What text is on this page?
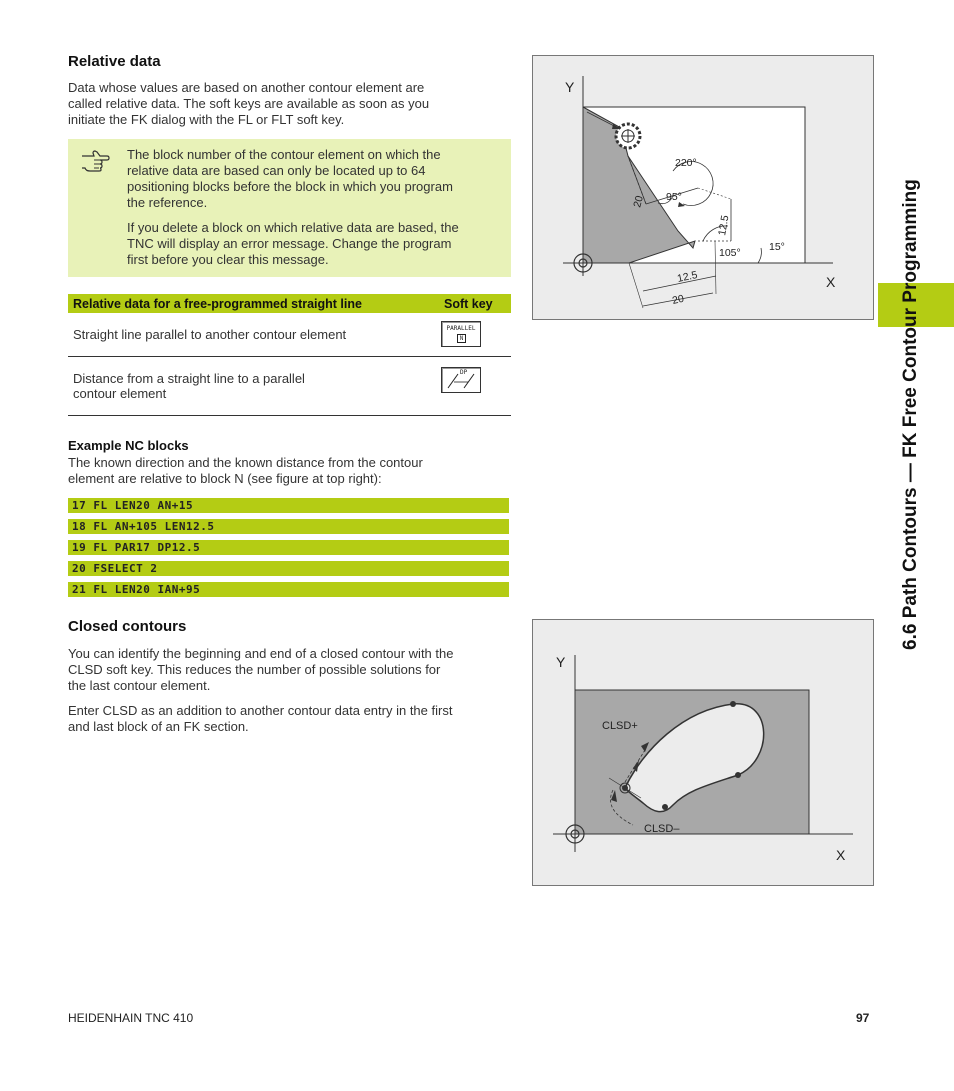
Relative data
Data whose values are based on another contour element are
called relative data. The soft keys are available as soon as you
initiate the FK dialog with the FL or FLT soft key.
The block number of the contour element on which the
relative data are based can only be located up to 64
positioning blocks before the block in which you program
the reference.
If you delete a block on which relative data are based, the
TNC will display an error message. Change the program
first before you clear this message.
Relative data for a free-programmed straight line	Soft key
Straight line parallel to another contour element	PARALLEL
N

Distance from a straight line to a parallel
contour element	DP
Example NC blocks
The known direction and the known distance from the contour
element are relative to block N (see figure at top right):
17 FL LEN20 AN+15
18 FL AN+105 LEN12.5
19 FL PAR17 DP12.5
20 FSELECT 2
21 FL LEN20 IAN+95
Closed contours
You can identify the beginning and end of a closed contour with the
CLSD soft key. This reduces the number of possible solutions for
the last contour element.
Enter CLSD as an addition to another contour data entry in the first
and last block of an FK section.
Y
X
220°
95°
20
12.5
105°	15°
12.5
20
Y
X
CLSD+
CLSD–
6.6 Path Contours — FK Free Contour Programming
HEIDENHAIN TNC 410	97
